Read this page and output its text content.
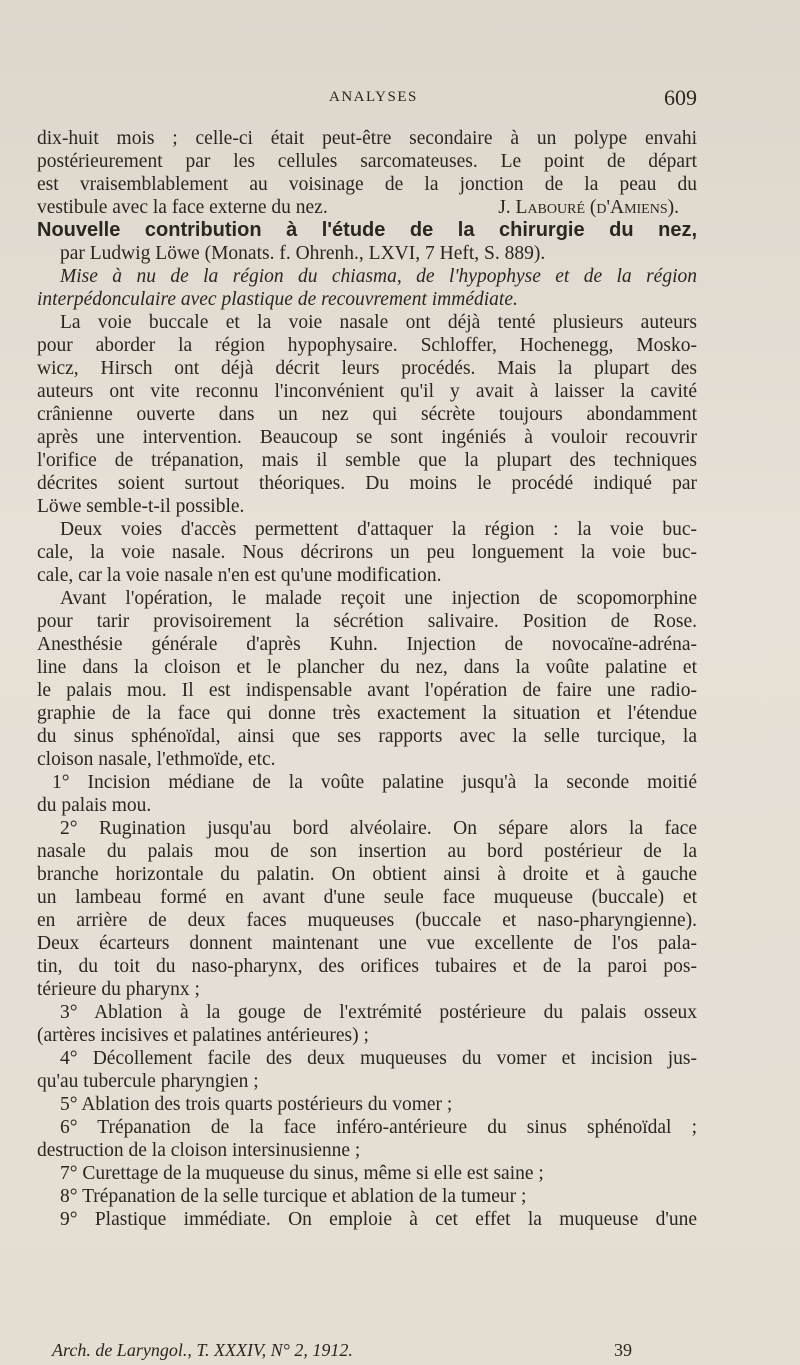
ANALYSES	609
dix-huit mois ; celle-ci était peut-être secondaire à un polype envahi
postérieurement par les cellules sarcomateuses. Le point de départ
est vraisemblablement au voisinage de la jonction de la peau du
vestibule avec la face externe du nez.	J. Labouré (d'Amiens).
Nouvelle contribution à l'étude de la chirurgie du nez,
par Ludwig Löwe (Monats. f. Ohrenh., LXVI, 7 Heft, S. 889).
Mise à nu de la région du chiasma, de l'hypophyse et de la région
interpédonculaire avec plastique de recouvrement immédiate.
La voie buccale et la voie nasale ont déjà tenté plusieurs auteurs
pour aborder la région hypophysaire. Schloffer, Hochenegg, Mosko-
wicz, Hirsch ont déjà décrit leurs procédés. Mais la plupart des
auteurs ont vite reconnu l'inconvénient qu'il y avait à laisser la cavité
crânienne ouverte dans un nez qui sécrète toujours abondamment
après une intervention. Beaucoup se sont ingéniés à vouloir recouvrir
l'orifice de trépanation, mais il semble que la plupart des techniques
décrites soient surtout théoriques. Du moins le procédé indiqué par
Löwe semble-t-il possible.
Deux voies d'accès permettent d'attaquer la région : la voie buc-
cale, la voie nasale. Nous décrirons un peu longuement la voie buc-
cale, car la voie nasale n'en est qu'une modification.
Avant l'opération, le malade reçoit une injection de scopomorphine
pour tarir provisoirement la sécrétion salivaire. Position de Rose.
Anesthésie générale d'après Kuhn. Injection de novocaïne-adréna-
line dans la cloison et le plancher du nez, dans la voûte palatine et
le palais mou. Il est indispensable avant l'opération de faire une radio-
graphie de la face qui donne très exactement la situation et l'étendue
du sinus sphénoïdal, ainsi que ses rapports avec la selle turcique, la
cloison nasale, l'ethmoïde, etc.
1° Incision médiane de la voûte palatine jusqu'à la seconde moitié
du palais mou.
2° Rugination jusqu'au bord alvéolaire. On sépare alors la face
nasale du palais mou de son insertion au bord postérieur de la
branche horizontale du palatin. On obtient ainsi à droite et à gauche
un lambeau formé en avant d'une seule face muqueuse (buccale) et
en arrière de deux faces muqueuses (buccale et naso-pharyngienne).
Deux écarteurs donnent maintenant une vue excellente de l'os pala-
tin, du toit du naso-pharynx, des orifices tubaires et de la paroi pos-
térieure du pharynx ;
3° Ablation à la gouge de l'extrémité postérieure du palais osseux
(artères incisives et palatines antérieures) ;
4° Décollement facile des deux muqueuses du vomer et incision jus-
qu'au tubercule pharyngien ;
5° Ablation des trois quarts postérieurs du vomer ;
6° Trépanation de la face inféro-antérieure du sinus sphénoïdal ;
destruction de la cloison intersinusienne ;
7° Curettage de la muqueuse du sinus, même si elle est saine ;
8° Trépanation de la selle turcique et ablation de la tumeur ;
9° Plastique immédiate. On emploie à cet effet la muqueuse d'une
Arch. de Laryngol., T. XXXIV, N° 2, 1912.	39
